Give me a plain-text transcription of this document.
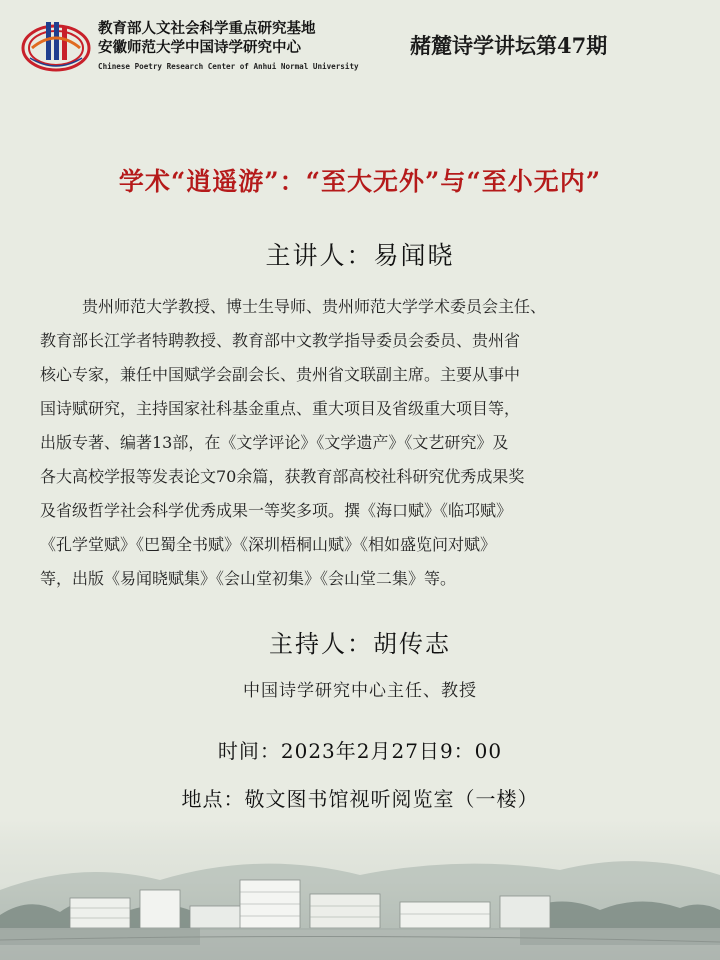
教育部人文社会科学重点研究基地
安徽师范大学中国诗学研究中心
Chinese Poetry Research Center of Anhui Normal University
赭麓诗学讲坛第47期
学术“逍遥游”：“至大无外”与“至小无内”
主讲人：易闻晓
贵州师范大学教授、博士生导师、贵州师范大学学术委员会主任、
教育部长江学者特聘教授、教育部中文教学指导委员会委员、贵州省
核心专家，兼任中国赋学会副会长、贵州省文联副主席。主要从事中
国诗赋研究，主持国家社科基金重点、重大项目及省级重大项目等，
出版专著、编著13部，在《文学评论》《文学遗产》《文艺研究》及
各大高校学报等发表论文70余篇，获教育部高校社科研究优秀成果奖
及省级哲学社会科学优秀成果一等奖多项。撰《海口赋》《临邛赋》
《孔学堂赋》《巴蜀全书赋》《深圳梧桐山赋》《相如盛览问对赋》
等，出版《易闻晓赋集》《会山堂初集》《会山堂二集》等。
主持人：胡传志
中国诗学研究中心主任、教授
时间：2023年2月27日9：00
地点：敬文图书馆视听阅览室（一楼）
